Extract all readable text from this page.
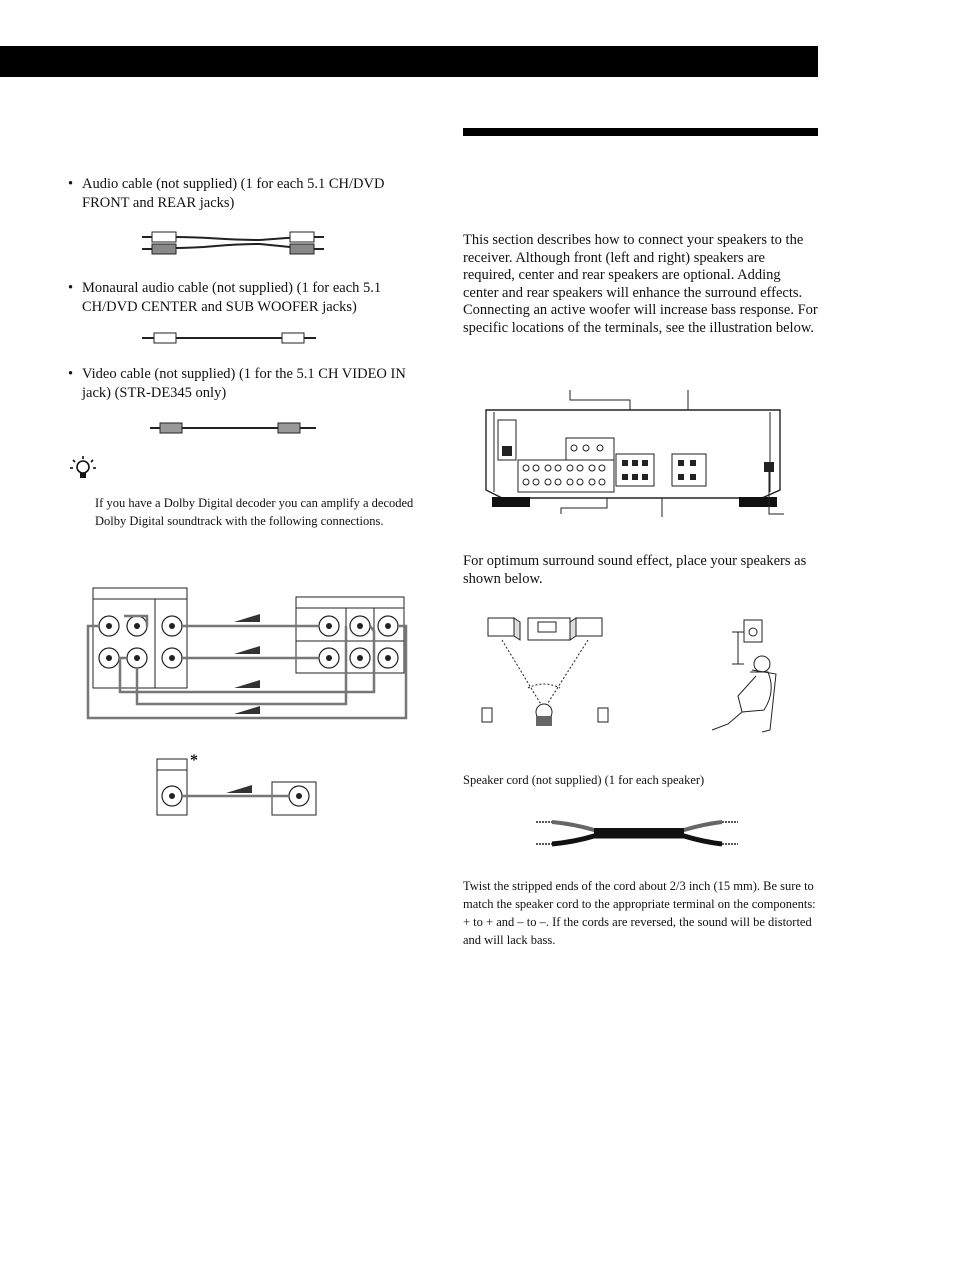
• Audio cable (not supplied) (1 for each 5.1 CH/DVD FRONT and REAR jacks)
• Monaural audio cable (not supplied) (1 for each 5.1 CH/DVD CENTER and SUB WOOFER jacks)
• Video cable (not supplied) (1 for the 5.1 CH VIDEO IN jack) (STR-DE345 only)
If you have a Dolby Digital decoder you can amplify a decoded Dolby Digital soundtrack with the following connections.
*
This section describes how to connect your speakers to the receiver. Although front (left and right) speakers are required, center and rear speakers are optional. Adding center and rear speakers will enhance the surround effects. Connecting an active woofer will increase bass response. For specific locations of the terminals, see the illustration below.
For optimum surround sound effect, place your speakers as shown below.
Speaker cord (not supplied) (1 for each speaker)
Twist the stripped ends of the cord about 2/3 inch (15 mm). Be sure to match the speaker cord to the appropriate terminal on the components: + to + and – to –. If the cords are reversed, the sound will be distorted and will lack bass.
